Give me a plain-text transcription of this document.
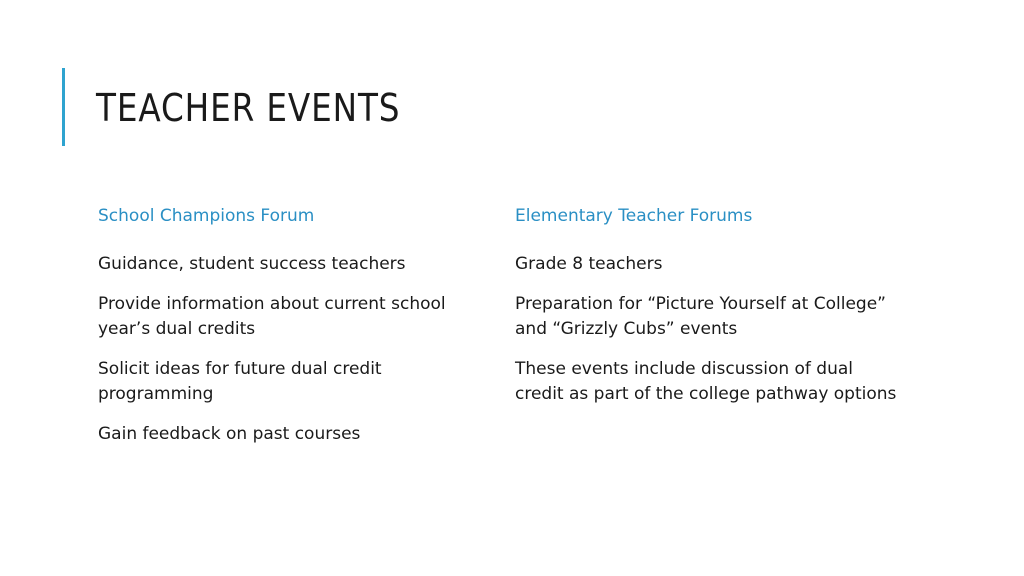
TEACHER EVENTS
School Champions Forum
Guidance, student success teachers
Provide information about current school year’s dual credits
Solicit ideas for future dual credit programming
Gain feedback on past courses
Elementary Teacher Forums
Grade 8 teachers
Preparation for “Picture Yourself at College” and “Grizzly Cubs” events
These events include discussion of dual credit as part of the college pathway options
